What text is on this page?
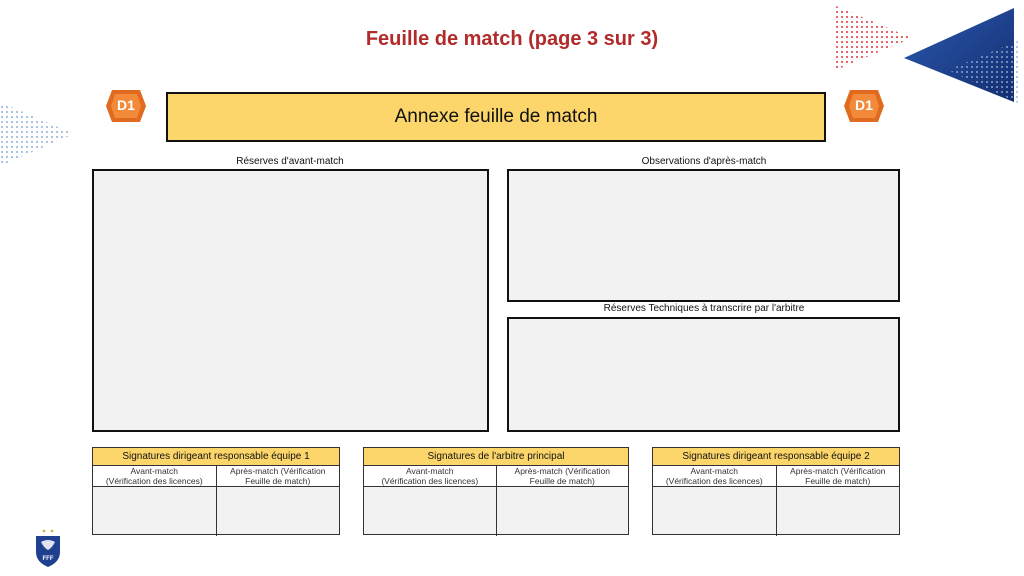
Feuille de match (page 3 sur 3)
D1	D1
Annexe feuille de match
Réserves d'avant-match	Observations d'après-match
Réserves Techniques à transcrire par l'arbitre
Signatures dirigeant responsable équipe 1
Avant-match
(Vérification des licences)
Après-match (Vérification
Feuille de match)
Signatures de l'arbitre principal
Avant-match
(Vérification des licences)
Après-match (Vérification
Feuille de match)
Signatures dirigeant responsable équipe 2
Avant-match
(Vérification des licences)
Après-match (Vérification
Feuille de match)
FFF
